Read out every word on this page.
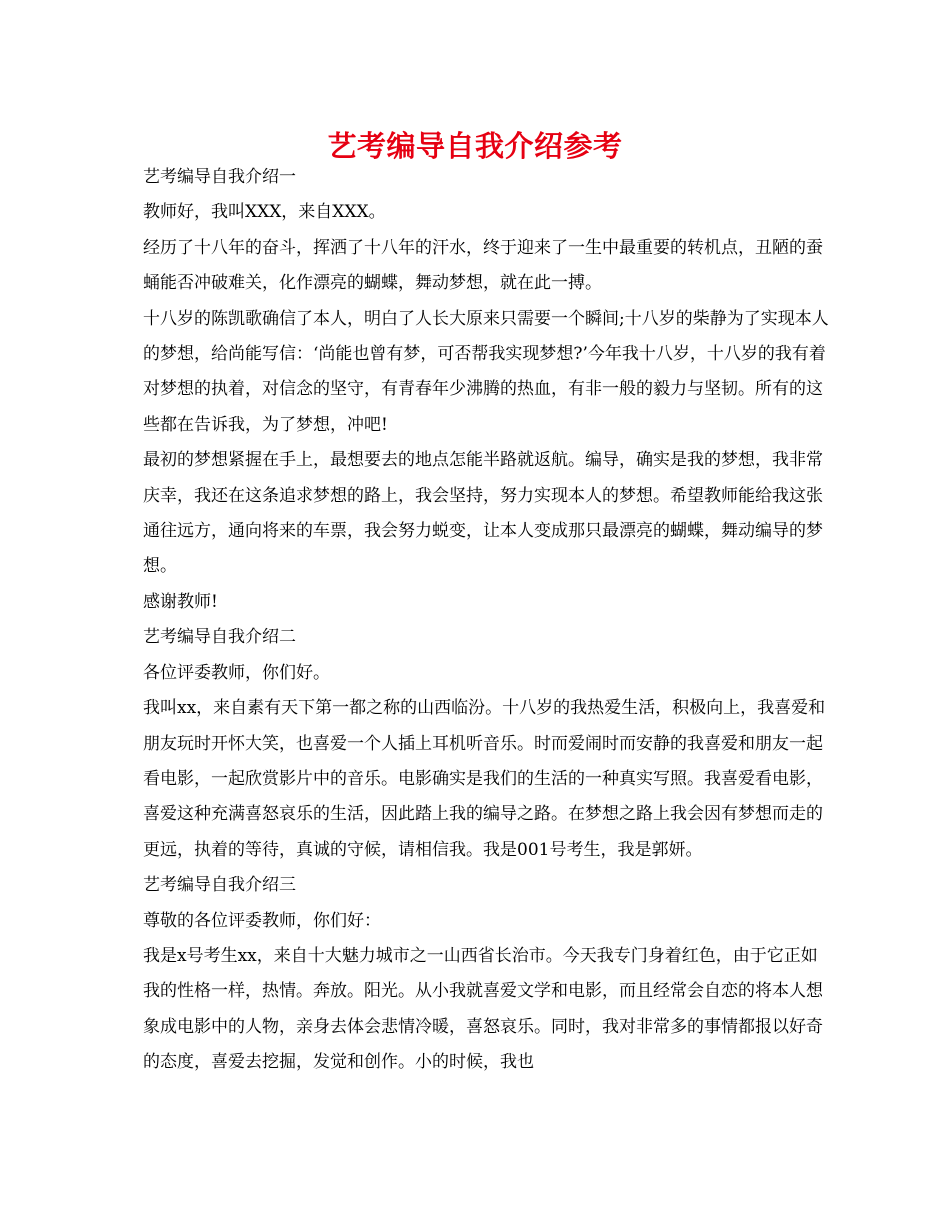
艺考编导自我介绍参考

艺考编导自我介绍一

教师好，我叫XXX，来自XXX。

经历了十八年的奋斗，挥洒了十八年的汗水，终于迎来了一生中最重要的转机点，丑陋的蚕蛹能否冲破难关，化作漂亮的蝴蝶，舞动梦想，就在此一搏。

十八岁的陈凯歌确信了本人，明白了人长大原来只需要一个瞬间;十八岁的柴静为了实现本人的梦想，给尚能写信：‘尚能也曾有梦，可否帮我实现梦想?’今年我十八岁，十八岁的我有着对梦想的执着，对信念的坚守，有青春年少沸腾的热血，有非一般的毅力与坚韧。所有的这些都在告诉我，为了梦想，冲吧!

最初的梦想紧握在手上，最想要去的地点怎能半路就返航。编导，确实是我的梦想，我非常庆幸，我还在这条追求梦想的路上，我会坚持，努力实现本人的梦想。希望教师能给我这张通往远方，通向将来的车票，我会努力蜕变，让本人变成那只最漂亮的蝴蝶，舞动编导的梦想。

感谢教师!

艺考编导自我介绍二

各位评委教师，你们好。

我叫xx，来自素有天下第一都之称的山西临汾。十八岁的我热爱生活，积极向上，我喜爱和朋友玩时开怀大笑，也喜爱一个人插上耳机听音乐。时而爱闹时而安静的我喜爱和朋友一起看电影，一起欣赏影片中的音乐。电影确实是我们的生活的一种真实写照。我喜爱看电影，喜爱这种充满喜怒哀乐的生活，因此踏上我的编导之路。在梦想之路上我会因有梦想而走的更远，执着的等待，真诚的守候，请相信我。我是001号考生，我是郭妍。

艺考编导自我介绍三

尊敬的各位评委教师，你们好：

我是x号考生xx，来自十大魅力城市之一山西省长治市。今天我专门身着红色，由于它正如我的性格一样，热情。奔放。阳光。从小我就喜爱文学和电影，而且经常会自恋的将本人想象成电影中的人物，亲身去体会悲情冷暖，喜怒哀乐。同时，我对非常多的事情都报以好奇的态度，喜爱去挖掘，发觉和创作。小的时候，我也
